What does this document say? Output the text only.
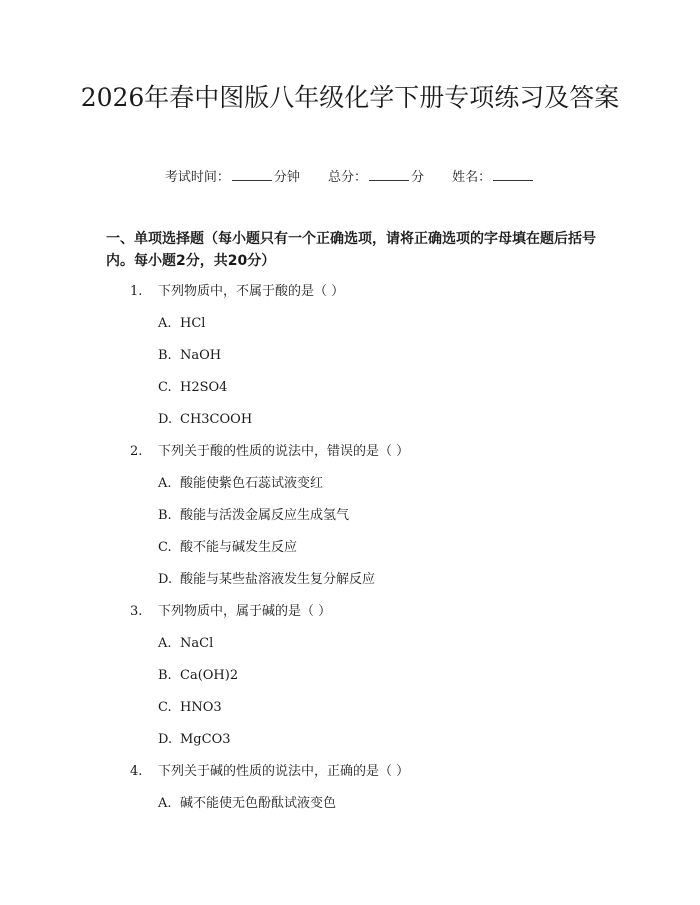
2026年春中图版八年级化学下册专项练习及答案
考试时间：	分钟 总分：	分 姓名：
一、单项选择题（每小题只有一个正确选项，请将正确选项的字母填在题后括号内。每小题2分，共20分）
1.	下列物质中，不属于酸的是（ ）
A. HCl
B. NaOH
C. H2SO4
D. CH3COOH
2.	下列关于酸的性质的说法中，错误的是（ ）
A. 酸能使紫色石蕊试液变红
B. 酸能与活泼金属反应生成氢气
C. 酸不能与碱发生反应
D. 酸能与某些盐溶液发生复分解反应
3.	下列物质中，属于碱的是（ ）
A. NaCl
B. Ca(OH)2
C. HNO3
D. MgCO3
4.	下列关于碱的性质的说法中，正确的是（ ）
A. 碱不能使无色酚酞试液变色
